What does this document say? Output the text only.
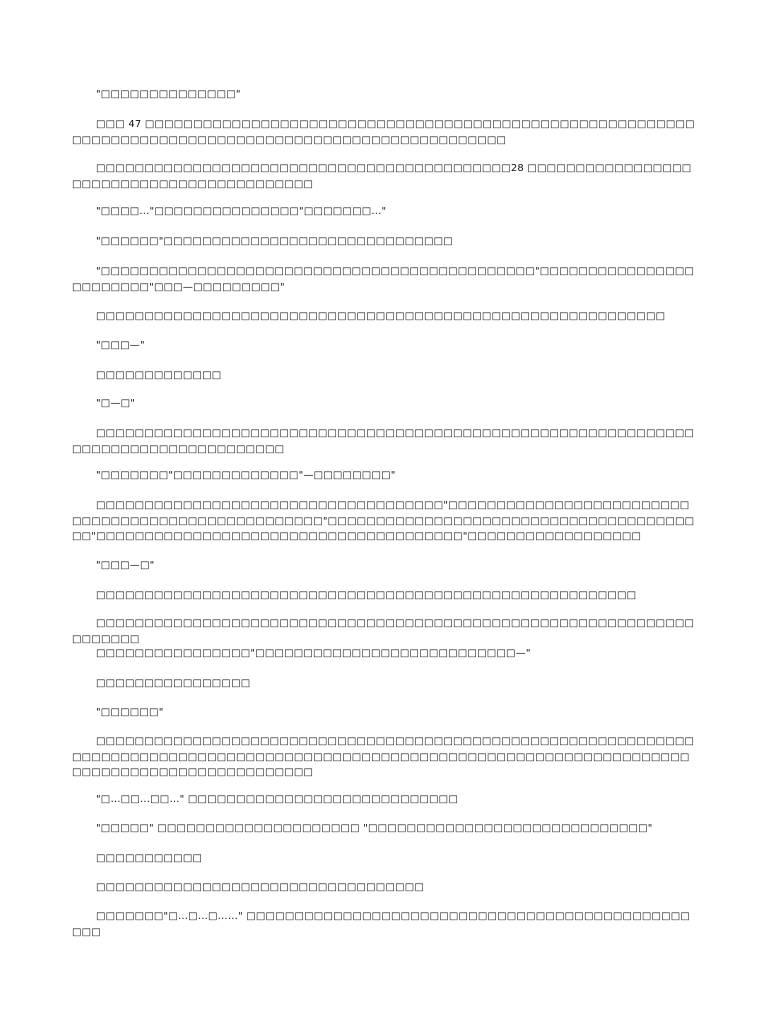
"□□□□□□□□□□□□□□"

□□□ 47 □□□□□□□□□□□□□□□□□□□□□□□□□□□□□□□□□□□□□□□□□□□□□□□□□□□□□□□□□□□□□□□□□□□□□□□□□□□□□□□□□□□□□□□□□□□□□□□□□□□□□□

□□□□□□□□□□□□□□□□□□□□□□□□□□□□□□□□□□□□□□□□□□□28 □□□□□□□□□□□□□□□□□□□□□□□□□□□□□□□□□□□□□□□□□□

"□□□□..."□□□□□□□□□□□□□□□"□□□□□□□..."

"□□□□□□"□□□□□□□□□□□□□□□□□□□□□□□□□□□□□□

"□□□□□□□□□□□□□□□□□□□□□□□□□□□□□□□□□□□□□□□□□□□□□"□□□□□□□□□□□□□□□□□□□□□□□□"□□□—□□□□□□□□□"

□□□□□□□□□□□□□□□□□□□□□□□□□□□□□□□□□□□□□□□□□□□□□□□□□□□□□□□□□□□

"□□□—"

□□□□□□□□□□□□□

"□—□"

□□□□□□□□□□□□□□□□□□□□□□□□□□□□□□□□□□□□□□□□□□□□□□□□□□□□□□□□□□□□□□□□□□□□□□□□□□□□□□□□□□□□

"□□□□□□□"□□□□□□□□□□□□□"—□□□□□□□□"

□□□□□□□□□□□□□□□□□□□□□□□□□□□□□□□□□□□□"□□□□□□□□□□□□□□□□□□□□□□□□□□□□□□□□□□□□□□□□□□□□□□□□□□□"□□□□□□□□□□□□□□□□□□□□□□□□□□□□□□□□□□□□□□□□"□□□□□□□□□□□□□□□□□□□□□□□□□□□□□□□□□□□□□□"□□□□□□□□□□□□□□□□□□

"□□□—□"

□□□□□□□□□□□□□□□□□□□□□□□□□□□□□□□□□□□□□□□□□□□□□□□□□□□□□□□□

□□□□□□□□□□□□□□□□□□□□□□□□□□□□□□□□□□□□□□□□□□□□□□□□□□□□□□□□□□□□□□□□□□□□□

□□□□□□□□□□□□□□□□"□□□□□□□□□□□□□□□□□□□□□□□□□□□—"

□□□□□□□□□□□□□□□□

"□□□□□□"

□□□□□□□□□□□□□□□□□□□□□□□□□□□□□□□□□□□□□□□□□□□□□□□□□□□□□□□□□□□□□□□□□□□□□□□□□□□□□□□□□□□□□□□□□□□□□□□□□□□□□□□□□□□□□□□□□□□□□□□□□□□□□□□□□□□□□□□□□□□□□□□□□□□□□□□

"□…□□…□□…" □□□□□□□□□□□□□□□□□□□□□□□□□□□□

"□□□□□" □□□□□□□□□□□□□□□□□□□□□ "□□□□□□□□□□□□□□□□□□□□□□□□□□□□□"

□□□□□□□□□□□

□□□□□□□□□□□□□□□□□□□□□□□□□□□□□□□□□□

□□□□□□□"□…□…□……" □□□□□□□□□□□□□□□□□□□□□□□□□□□□□□□□□□□□□□□□□□□□□□□□□
